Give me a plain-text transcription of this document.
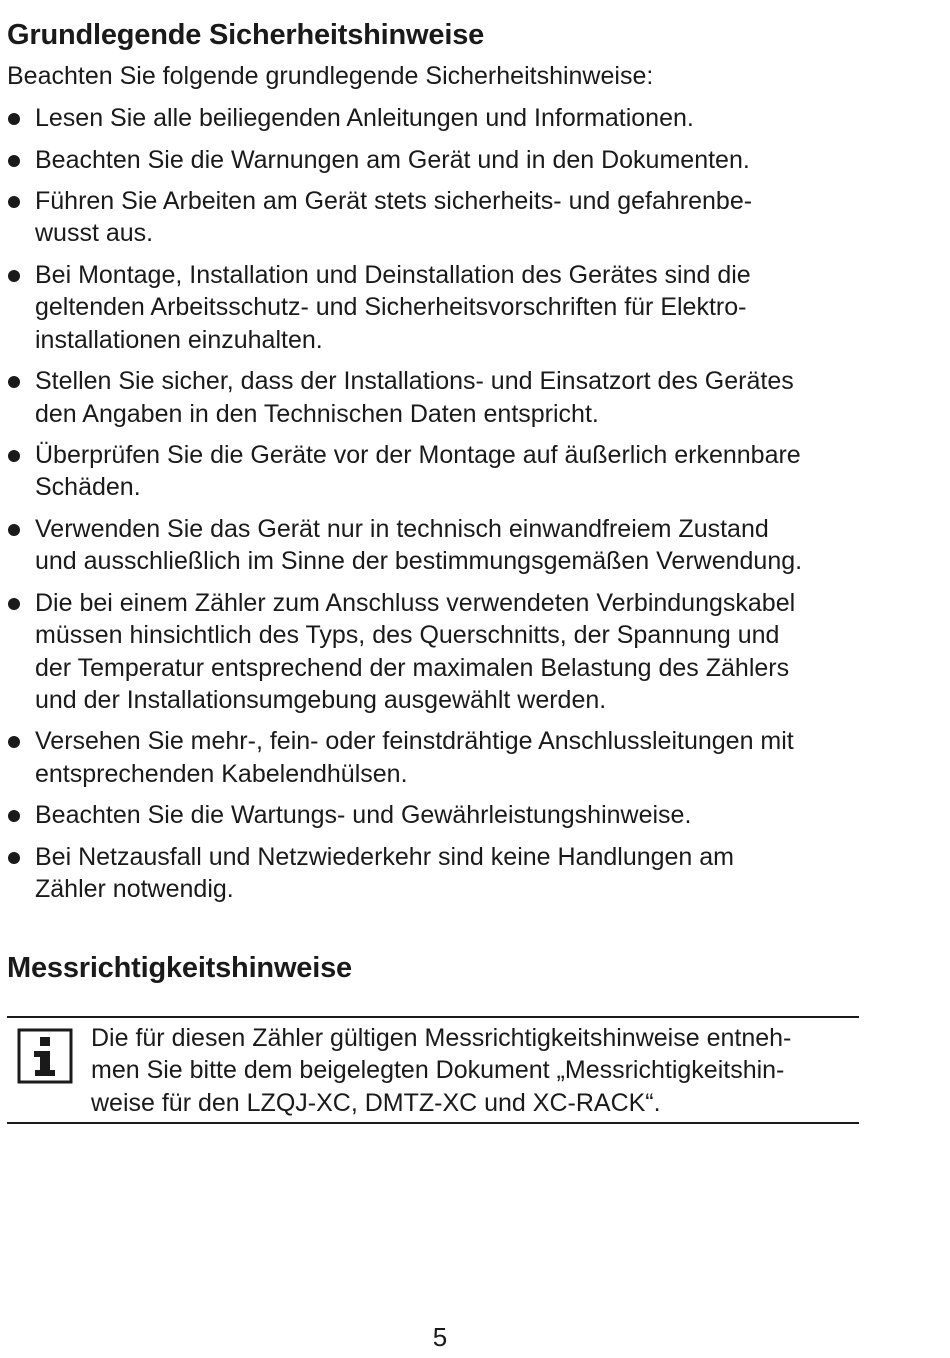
Grundlegende Sicherheitshinweise

Beachten Sie folgende grundlegende Sicherheitshinweise:

Lesen Sie alle beiliegenden Anleitungen und Informationen.
Beachten Sie die Warnungen am Gerät und in den Dokumenten.
Führen Sie Arbeiten am Gerät stets sicherheits- und gefahrenbe-
wusst aus.
Bei Montage, Installation und Deinstallation des Gerätes sind die
geltenden Arbeitsschutz- und Sicherheitsvorschriften für Elektro-
installationen einzuhalten.
Stellen Sie sicher, dass der Installations- und Einsatzort des Gerätes
den Angaben in den Technischen Daten entspricht.
Überprüfen Sie die Geräte vor der Montage auf äußerlich erkennbare
Schäden.
Verwenden Sie das Gerät nur in technisch einwandfreiem Zustand
und ausschließlich im Sinne der bestimmungsgemäßen Verwendung.
Die bei einem Zähler zum Anschluss verwendeten Verbindungskabel
müssen hinsichtlich des Typs, des Querschnitts, der Spannung und
der Temperatur entsprechend der maximalen Belastung des Zählers
und der Installationsumgebung ausgewählt werden.
Versehen Sie mehr-, fein- oder feinstdrähtige Anschlussleitungen mit
entsprechenden Kabelendhülsen.
Beachten Sie die Wartungs- und Gewährleistungshinweise.
Bei Netzausfall und Netzwiederkehr sind keine Handlungen am
Zähler notwendig.
Messrichtigkeitshinweise

Die für diesen Zähler gültigen Messrichtigkeitshinweise entneh-
men Sie bitte dem beigelegten Dokument „Messrichtigkeitshin-
weise für den LZQJ-XC, DMTZ-XC und XC-RACK“.

5
